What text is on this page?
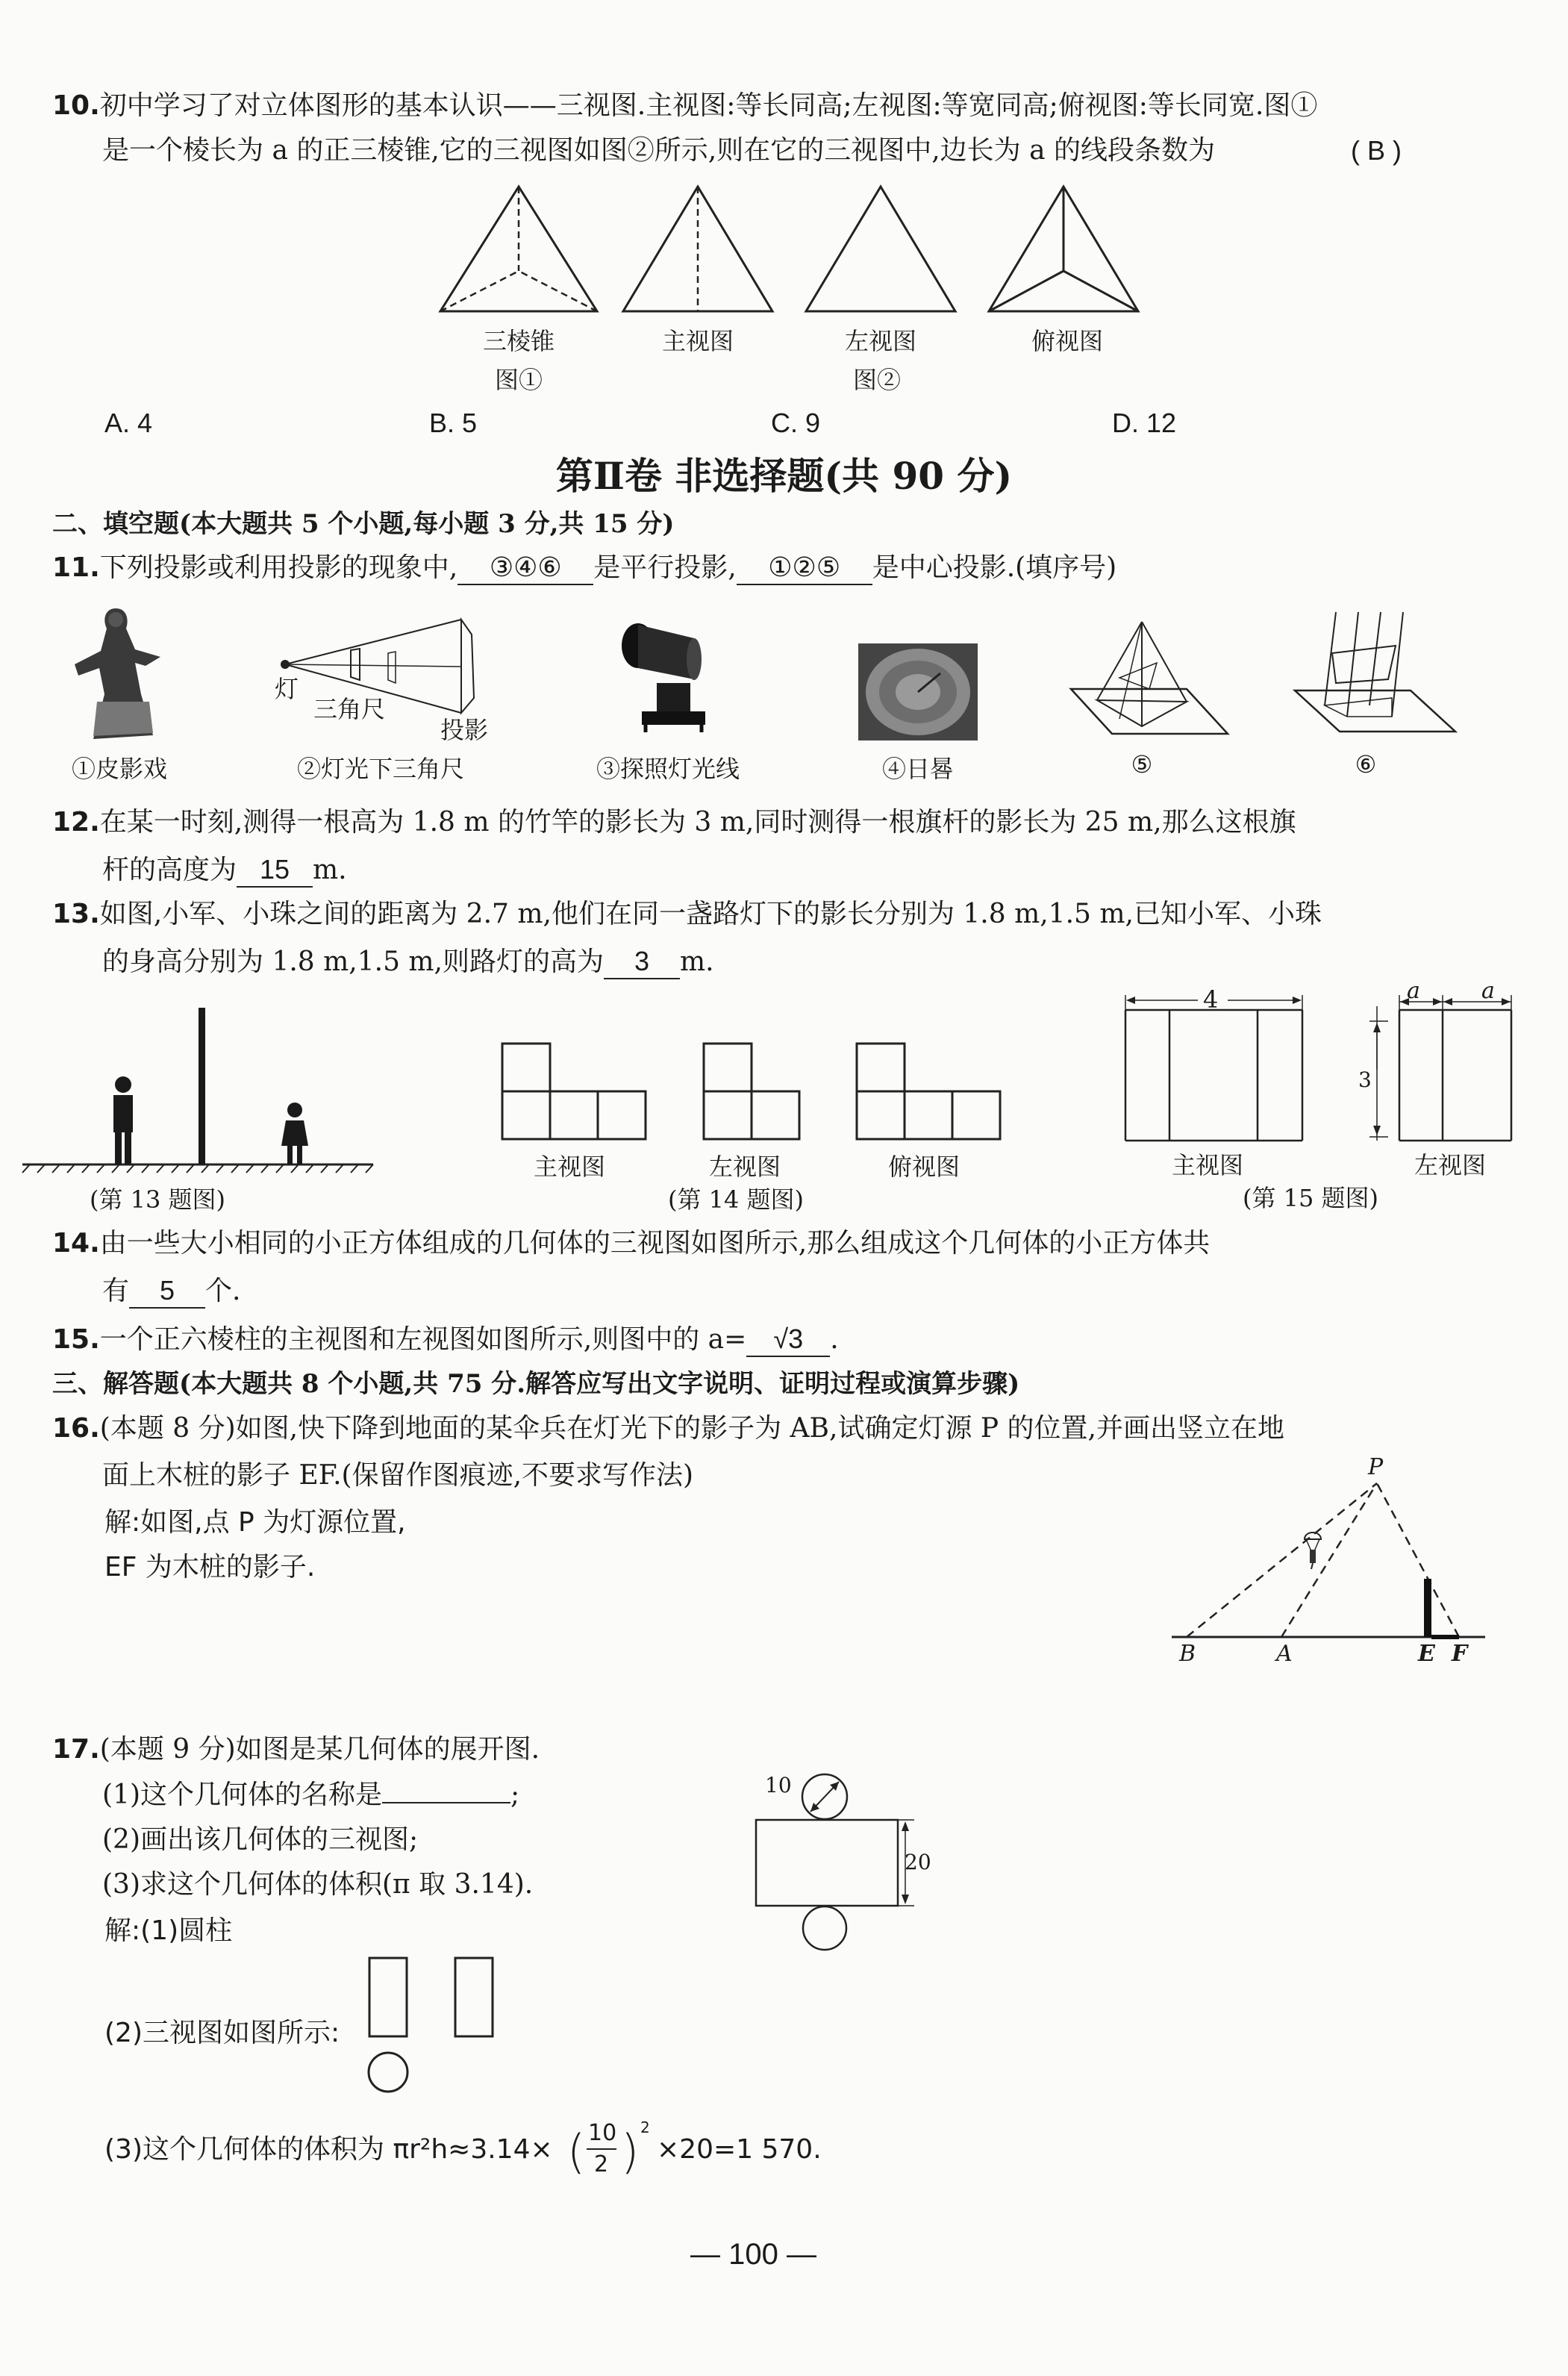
10.初中学习了对立体图形的基本认识——三视图.主视图:等长同高;左视图:等宽同高;俯视图:等长同宽.图①
是一个棱长为 a 的正三棱锥,它的三视图如图②所示,则在它的三视图中,边长为 a 的线段条数为	( B )
三棱锥	主视图	左视图	俯视图
图①	图②
A. 4	B. 5	C. 9	D. 12
第Ⅱ卷 非选择题(共 90 分)
二、填空题(本大题共 5 个小题,每小题 3 分,共 15 分)
11.下列投影或利用投影的现象中, ③④⑥ 是平行投影, ①②⑤ 是中心投影.(填序号)
灯
三角尺
投影
①皮影戏	②灯光下三角尺	③探照灯光线	④日晷	⑤	⑥
12.在某一时刻,测得一根高为 1.8 m 的竹竿的影长为 3 m,同时测得一根旗杆的影长为 25 m,那么这根旗
杆的高度为 15 m.
13.如图,小军、小珠之间的距离为 2.7 m,他们在同一盏路灯下的影长分别为 1.8 m,1.5 m,已知小军、小珠
的身高分别为 1.8 m,1.5 m,则路灯的高为 3 m.
(第 13 题图)
主视图	左视图	俯视图
(第 14 题图)
4
3
a	a
主视图	左视图
(第 15 题图)
14.由一些大小相同的小正方体组成的几何体的三视图如图所示,那么组成这个几何体的小正方体共
有 5 个.
15.一个正六棱柱的主视图和左视图如图所示,则图中的 a= √3 .
三、解答题(本大题共 8 个小题,共 75 分.解答应写出文字说明、证明过程或演算步骤)
16.(本题 8 分)如图,快下降到地面的某伞兵在灯光下的影子为 AB,试确定灯源 P 的位置,并画出竖立在地
面上木桩的影子 EF.(保留作图痕迹,不要求写作法)
解:如图,点 P 为灯源位置,
EF 为木桩的影子.
P
B	A	E F
17.(本题 9 分)如图是某几何体的展开图.
(1)这个几何体的名称是	;
(2)画出该几何体的三视图;
(3)求这个几何体的体积(π 取 3.14).
解:(1)圆柱
10
20
(2)三视图如图所示:
(3)这个几何体的体积为 πr²h≈3.14× ( 10
2 ) 2
×20=1 570.
— 100 —
